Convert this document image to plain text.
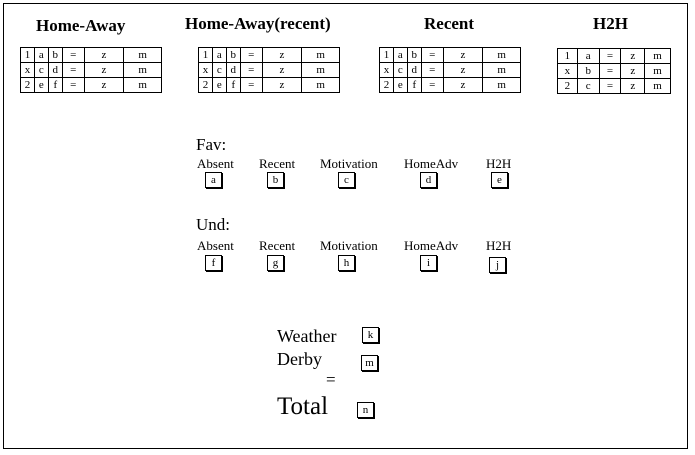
Home-Away
1	a	b	=	z	m
x	c	d	=	z	m
2	e	f	=	z	m
Home-Away(recent)
1	a	b	=	z	m
x	c	d	=	z	m
2	e	f	=	z	m
Recent
1	a	b	=	z	m
x	c	d	=	z	m
2	e	f	=	z	m
H2H
1	a	=	z	m
x	b	=	z	m
2	c	=	z	m
Fav:
Absent Recent Motivation HomeAdv H2H
a	b	c	d	e
Und:
Absent Recent Motivation HomeAdv H2H
f	g	h	i	j
Weather	k
Derby	m
=
Total	n
